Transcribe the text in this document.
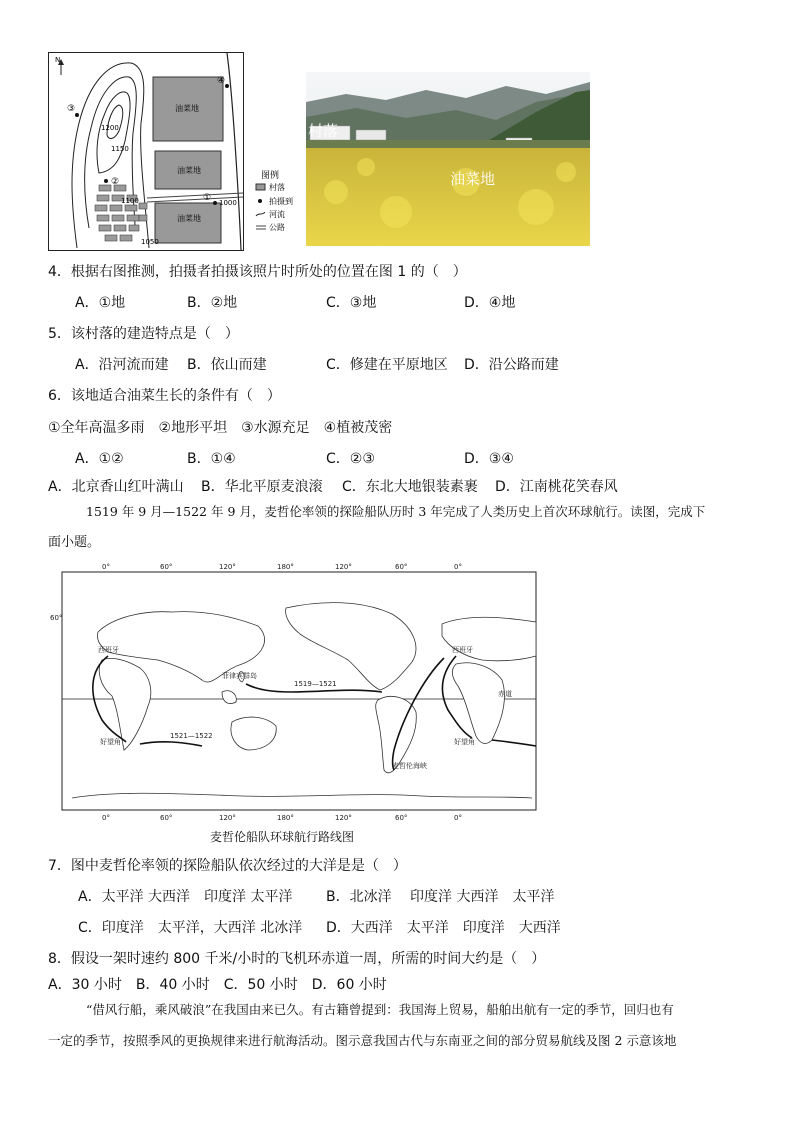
N
油菜地
油菜地
油菜地
1200
1150
1100
1050
1000
①
②
③
④
图例
村落
拍摄到
河流
公路
村落
油菜地
4．根据右图推测，拍摄者拍摄该照片时所处的位置在图 1 的（　）
A．①地	B．②地	C．③地	D．④地
5．该村落的建造特点是（　）
A．沿河流而建 B．依山而建	C．修建在平原地区 D．沿公路而建
6．该地适合油菜生长的条件有（　）
①全年高温多雨　②地形平坦　③水源充足　④植被茂密
A．①②	B．①④	C．②③	D．③④
A．北京香山红叶满山 B．华北平原麦浪滚 C．东北大地银装素裹 D．江南桃花笑春风
1519 年 9 月—1522 年 9 月，麦哲伦率领的探险船队历时 3 年完成了人类历史上首次环球航行。读图，完成下
面小题。
0°	60°	120°	180°	120°	60°	0°
0°	60°	120°	180°	120°	60°	0°
60°
西班牙	西班牙
菲律宾群岛
麦哲伦海峡
好望角	好望角
赤道
1519—1521
1521—1522
麦哲伦船队环球航行路线图
7．图中麦哲伦率领的探险船队依次经过的大洋是是（　）
A．太平洋 大西洋　印度洋 太平洋 B．北冰洋　 印度洋 大西洋　太平洋
C．印度洋　太平洋，大西洋 北冰洋 D．大西洋　太平洋　印度洋　大西洋
8．假设一架时速约 800 千米/小时的飞机环赤道一周，所需的时间大约是（　）
A．30 小时　B．40 小时　C．50 小时　D．60 小时
“借风行船，乘风破浪”在我国由来已久。有古籍曾提到：我国海上贸易，船舶出航有一定的季节，回归也有
一定的季节，按照季风的更换规律来进行航海活动。图示意我国古代与东南亚之间的部分贸易航线及图 2 示意该地
